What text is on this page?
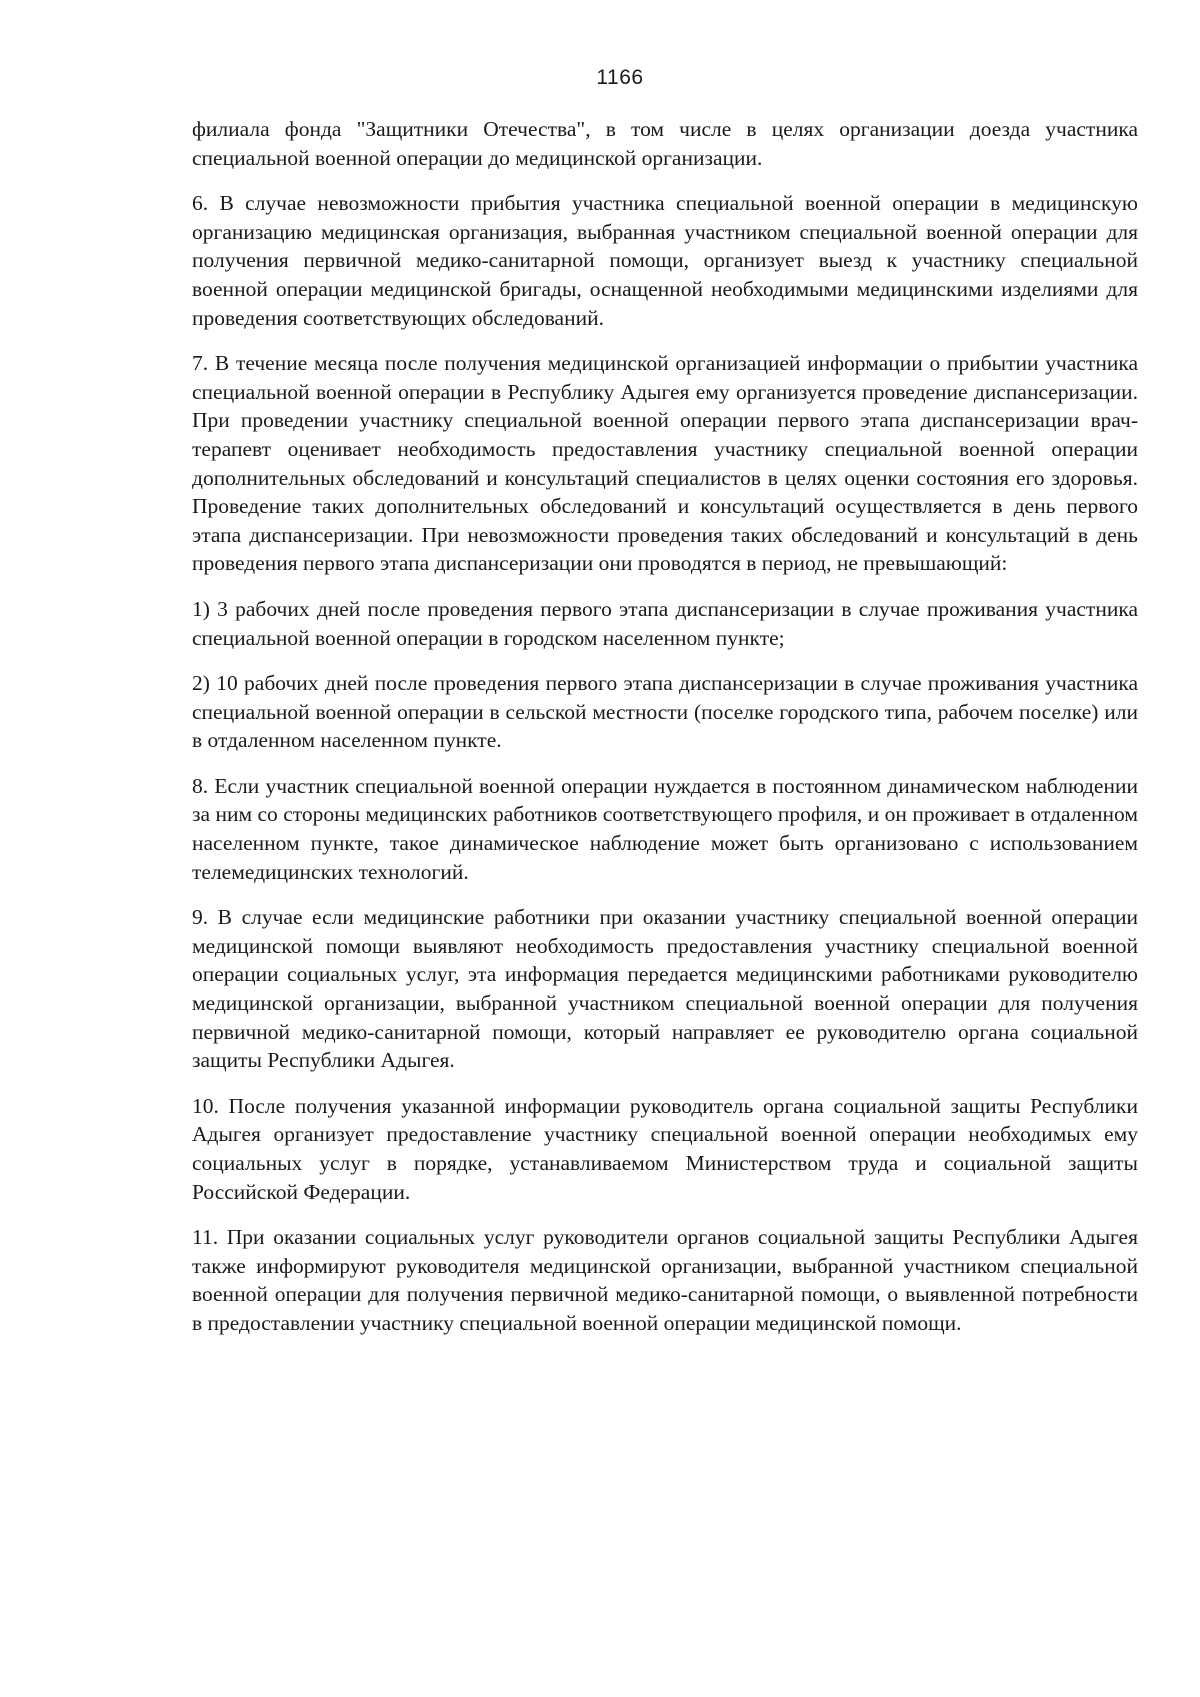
1166

филиала фонда "Защитники Отечества", в том числе в целях организации доезда участника специальной военной операции до медицинской организации.

6. В случае невозможности прибытия участника специальной военной операции в медицинскую организацию медицинская организация, выбранная участником специальной военной операции для получения первичной медико-санитарной помощи, организует выезд к участнику специальной военной операции медицинской бригады, оснащенной необходимыми медицинскими изделиями для проведения соответствующих обследований.

7. В течение месяца после получения медицинской организацией информации о прибытии участника специальной военной операции в Республику Адыгея ему организуется проведение диспансеризации. При проведении участнику специальной военной операции первого этапа диспансеризации врач-терапевт оценивает необходимость предоставления участнику специальной военной операции дополнительных обследований и консультаций специалистов в целях оценки состояния его здоровья. Проведение таких дополнительных обследований и консультаций осуществляется в день первого этапа диспансеризации. При невозможности проведения таких обследований и консультаций в день проведения первого этапа диспансеризации они проводятся в период, не превышающий:

1) 3 рабочих дней после проведения первого этапа диспансеризации в случае проживания участника специальной военной операции в городском населенном пункте;

2) 10 рабочих дней после проведения первого этапа диспансеризации в случае проживания участника специальной военной операции в сельской местности (поселке городского типа, рабочем поселке) или в отдаленном населенном пункте.

8. Если участник специальной военной операции нуждается в постоянном динамическом наблюдении за ним со стороны медицинских работников соответствующего профиля, и он проживает в отдаленном населенном пункте, такое динамическое наблюдение может быть организовано с использованием телемедицинских технологий.

9. В случае если медицинские работники при оказании участнику специальной военной операции медицинской помощи выявляют необходимость предоставления участнику специальной военной операции социальных услуг, эта информация передается медицинскими работниками руководителю медицинской организации, выбранной участником специальной военной операции для получения первичной медико-санитарной помощи, который направляет ее руководителю органа социальной защиты Республики Адыгея.

10. После получения указанной информации руководитель органа социальной защиты Республики Адыгея организует предоставление участнику специальной военной операции необходимых ему социальных услуг в порядке, устанавливаемом Министерством труда и социальной защиты Российской Федерации.

11. При оказании социальных услуг руководители органов социальной защиты Республики Адыгея также информируют руководителя медицинской организации, выбранной участником специальной военной операции для получения первичной медико-санитарной помощи, о выявленной потребности в предоставлении участнику специальной военной операции медицинской помощи.
